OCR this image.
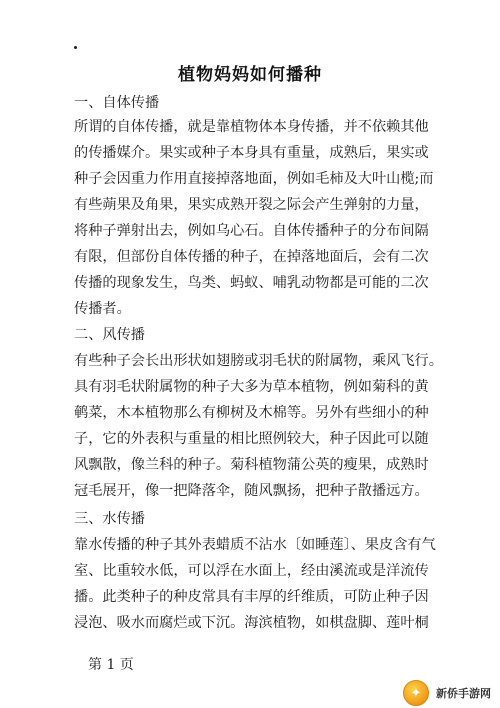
植物妈妈如何播种
一、自体传播
所谓的自体传播，就是靠植物体本身传播，并不依赖其他
的传播媒介。果实或种子本身具有重量，成熟后，果实或
种子会因重力作用直接掉落地面，例如毛柿及大叶山榄;而
有些蒴果及角果，果实成熟开裂之际会产生弹射的力量，
将种子弹射出去，例如乌心石。自体传播种子的分布间隔
有限，但部份自体传播的种子，在掉落地面后，会有二次
传播的现象发生，鸟类、蚂蚁、哺乳动物都是可能的二次
传播者。
二、风传播
有些种子会长出形状如翅膀或羽毛状的附属物，乘风飞行。
具有羽毛状附属物的种子大多为草本植物，例如菊科的黄
鹌菜，木本植物那么有柳树及木棉等。另外有些细小的种
子，它的外表积与重量的相比照例较大，种子因此可以随
风飘散，像兰科的种子。菊科植物蒲公英的瘦果，成熟时
冠毛展开，像一把降落伞，随风飘扬，把种子散播远方。
三、水传播
靠水传播的种子其外表蜡质不沾水〔如睡莲〕、果皮含有气
室、比重较水低，可以浮在水面上，经由溪流或是洋流传
播。此类种子的种皮常具有丰厚的纤维质，可防止种子因
浸泡、吸水而腐烂或下沉。海滨植物，如棋盘脚、莲叶桐
第 1 页
✦	新侨手游网
